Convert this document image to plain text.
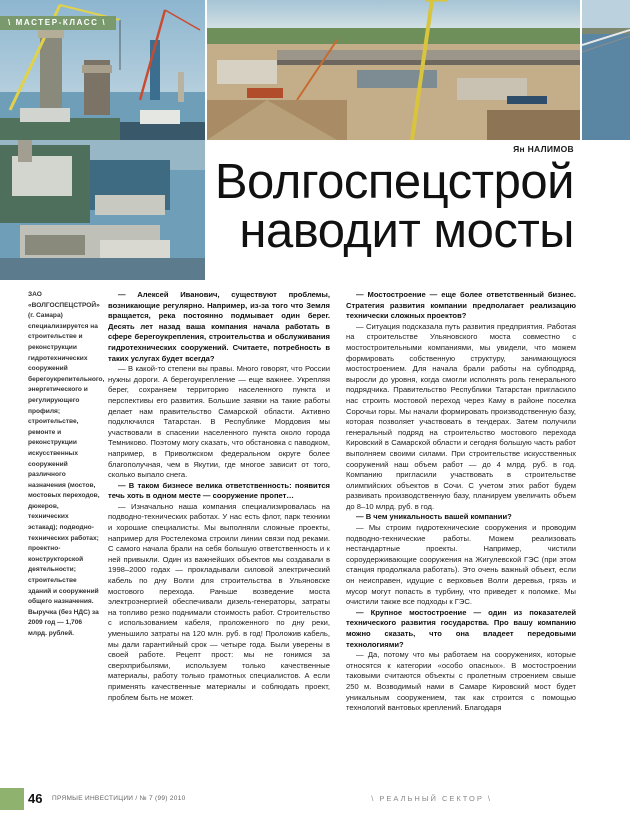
\ МАСТЕР-КЛАСС \
Ян НАЛИМОВ
Волгоспецстрой
наводит мосты

ЗАО «ВОЛГОСПЕЦСТРОЙ» (г. Самара) специализируется на строительстве и реконструкции гидротехнических сооружений берегоукрепительного, энергетического и регулирующего профиля; строительстве, ремонте и реконструкции искусственных сооружений различного назначения (мостов, мостовых переходов, дюкеров, технических эстакад); подводно-технических работах; проектно-конструкторской деятельности; строительстве зданий и сооружений общего назначения. Выручка (без НДС) за 2009 год — 1,706 млрд. рублей.

— Алексей Иванович, существуют проблемы, возникающие регулярно. Например, из-за того что Земля вращается, река постоянно подмывает один берег. Десять лет назад ваша компания начала работать в сфере берегоукрепления, строительства и обслуживания гидротехнических сооружений. Считаете, потребность в таких услугах будет всегда?

— В какой-то степени вы правы. Много говорят, что России нужны дороги. А берегоукрепление — еще важнее. Укрепляя берег, сохраняем территорию населенного пункта и перспективы его развития. Большие заявки на такие работы делает нам правительство Самарской области. Активно подключился Татарстан. В Республике Мордовия мы участвовали в спасении населенного пункта около города Темниково. Поэтому могу сказать, что обстановка с паводком, например, в Приволжском федеральном округе более благополучная, чем в Якутии, где многое зависит от того, сколько выпало снега.

— В таком бизнесе велика ответственность: появится течь хоть в одном месте — сооружение пропет…

— Изначально наша компания специализировалась на подводно-технических работах. У нас есть флот, парк техники и хорошие специалисты. Мы выполняли сложные проекты, например для Ростелекома строили линии связи под реками. С самого начала брали на себя большую ответственность и к ней привыкли. Один из важнейших объектов мы создавали в 1998–2000 годах — прокладывали силовой электрический кабель по дну Волги для строительства в Ульяновске мостового перехода. Раньше возведение моста электроэнергией обеспечивали дизель-генераторы, затраты на топливо резко поднимали стоимость работ. Строительство с использованием кабеля, проложенного по дну реки, уменьшило затраты на 120 млн. руб. в год! Проложив кабель, мы дали гарантийный срок — четыре года. Были уверены в своей работе. Рецепт прост: мы не гонимся за сверхприбылями, используем только качественные материалы, работу только грамотных специалистов. А если применять качественные материалы и соблюдать проект, проблем быть не может.

— Мостостроение — еще более ответственный бизнес. Стратегия развития компании предполагает реализацию технически сложных проектов?

— Ситуация подсказала путь развития предприятия. Работая на строительстве Ульяновского моста совместно с мостостроительными компаниями, мы увидели, что можем формировать собственную структуру, занимающуюся мостостроением. Для начала брали работы на субподряд, выросли до уровня, когда смогли исполнять роль генерального подрядчика. Правительство Республики Татарстан пригласило нас строить мостовой переход через Каму в районе поселка Сорочьи горы. Мы начали формировать производственную базу, которая позволяет участвовать в тендерах. Затем получили генеральный подряд на строительство мостового перехода Кировский в Самарской области и сегодня большую часть работ выполняем своими силами. При строительстве искусственных сооружений наш объем работ — до 4 млрд. руб. в год. Компанию пригласили участвовать в строительстве олимпийских объектов в Сочи. С учетом этих работ будем развивать производственную базу, планируем увеличить объем до 8–10 млрд. руб. в год.

— В чем уникальность вашей компании?

— Мы строим гидротехнические сооружения и проводим подводно-технические работы. Можем реализовать нестандартные проекты. Например, чистили сороудерживающие сооружения на Жигулевской ГЭС (при этом станция продолжала работать). Это очень важный объект, если он неисправен, идущие с верховьев Волги деревья, грязь и мусор могут попасть в турбину, что приведет к поломке. Мы очистили также все подходы к ГЭС.

— Крупное мостостроение — один из показателей технического развития государства. Про вашу компанию можно сказать, что она владеет передовыми технологиями?

— Да, потому что мы работаем на сооружениях, которые относятся к категории «особо опасных». В мостостроении таковыми считаются объекты с пролетным строением свыше 250 м. Возводимый нами в Самаре Кировский мост будет уникальным сооружением, так как строится с помощью технологий вантовых креплений. Благодаря

46 ПРЯМЫЕ ИНВЕСТИЦИИ / № 7 (99) 2010	\ РЕАЛЬНЫЙ СЕКТОР \
